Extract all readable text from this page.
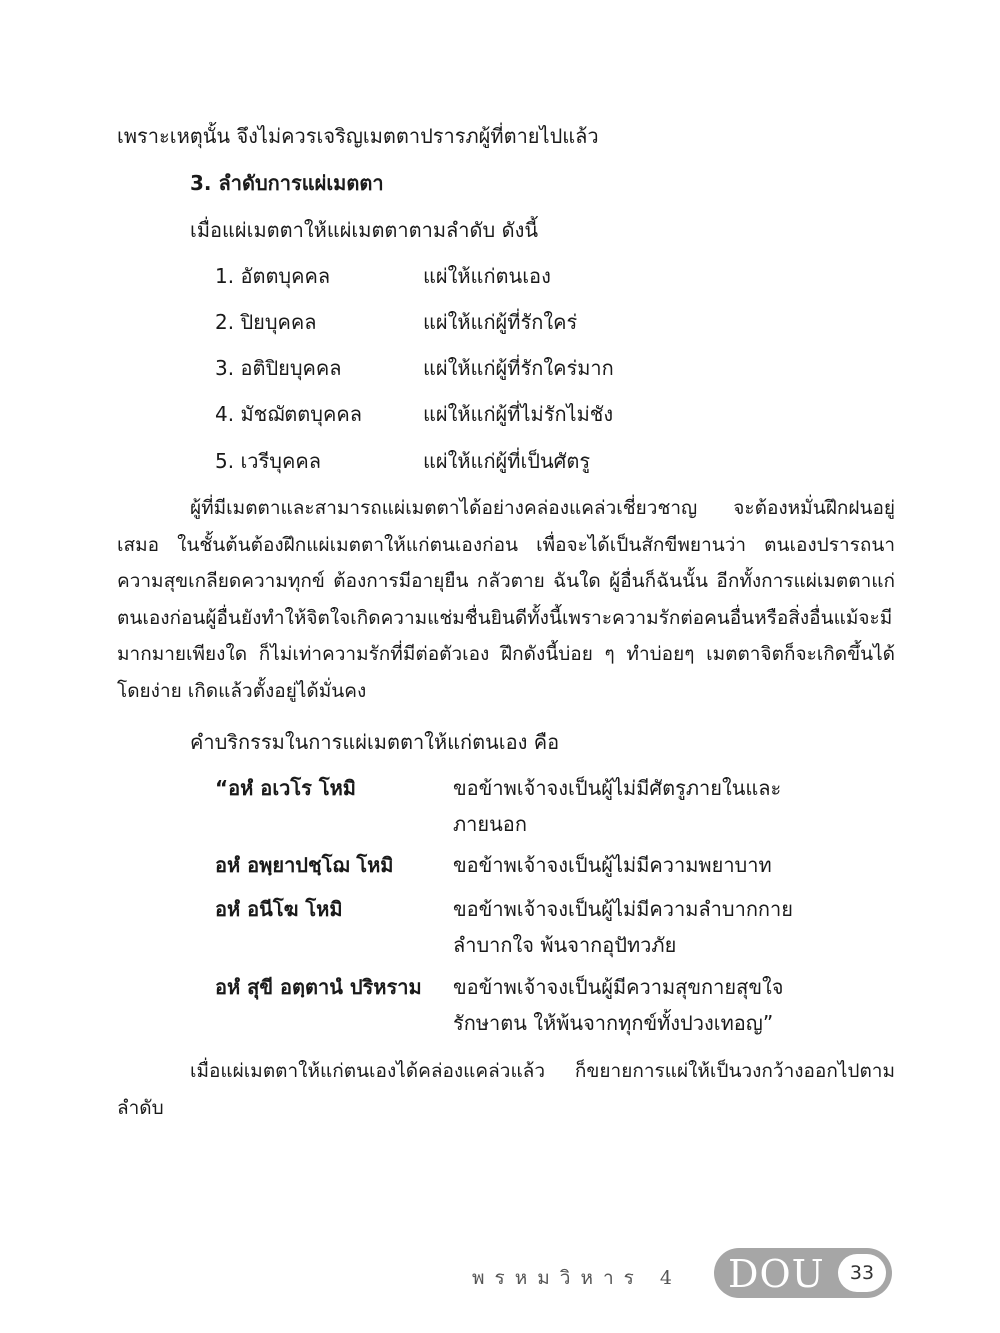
เพราะเหตุนั้น จึงไม่ควรเจริญเมตตาปรารภผู้ที่ตายไปแล้ว
3. ลำดับการแผ่เมตตา
เมื่อแผ่เมตตาให้แผ่เมตตาตามลำดับ ดังนี้
1. อัตตบุคคล	แผ่ให้แก่ตนเอง
2. ปิยบุคคล	แผ่ให้แก่ผู้ที่รักใคร่
3. อติปิยบุคคล	แผ่ให้แก่ผู้ที่รักใคร่มาก
4. มัชฌัตตบุคคล	แผ่ให้แก่ผู้ที่ไม่รักไม่ชัง
5. เวรีบุคคล	แผ่ให้แก่ผู้ที่เป็นศัตรู
ผู้ที่มีเมตตาและสามารถแผ่เมตตาได้อย่างคล่องแคล่วเชี่ยวชาญ จะต้องหมั่นฝึกฝนอยู่เสมอ ในชั้นต้นต้องฝึกแผ่เมตตาให้แก่ตนเองก่อน เพื่อจะได้เป็นสักขีพยานว่า ตนเองปรารถนาความสุขเกลียดความทุกข์ ต้องการมีอายุยืน กลัวตาย ฉันใด ผู้อื่นก็ฉันนั้น อีกทั้งการแผ่เมตตาแก่ตนเองก่อนผู้อื่นยังทำให้จิตใจเกิดความแช่มชื่นยินดีทั้งนี้เพราะความรักต่อคนอื่นหรือสิ่งอื่นแม้จะมีมากมายเพียงใด ก็ไม่เท่าความรักที่มีต่อตัวเอง ฝึกดังนี้บ่อย ๆ ทำบ่อยๆ เมตตาจิตก็จะเกิดขึ้นได้โดยง่าย เกิดแล้วตั้งอยู่ได้มั่นคง
คำบริกรรมในการแผ่เมตตาให้แก่ตนเอง คือ
“อหํ อเวโร โหมิ	ขอข้าพเจ้าจงเป็นผู้ไม่มีศัตรูภายในและ
ภายนอก
อหํ อพฺยาปชฺโฌ โหมิ	ขอข้าพเจ้าจงเป็นผู้ไม่มีความพยาบาท
อหํ อนีโฆ โหมิ	ขอข้าพเจ้าจงเป็นผู้ไม่มีความลำบากกาย
ลำบากใจ พ้นจากอุปัทวภัย
อหํ สุขี อตฺตานํ ปริหราม ขอข้าพเจ้าจงเป็นผู้มีความสุขกายสุขใจ
รักษาตน ให้พ้นจากทุกข์ทั้งปวงเทอญ”
เมื่อแผ่เมตตาให้แก่ตนเองได้คล่องแคล่วแล้ว ก็ขยายการแผ่ให้เป็นวงกว้างออกไปตามลำดับ
พรหมวิหาร 4 DOU	33
